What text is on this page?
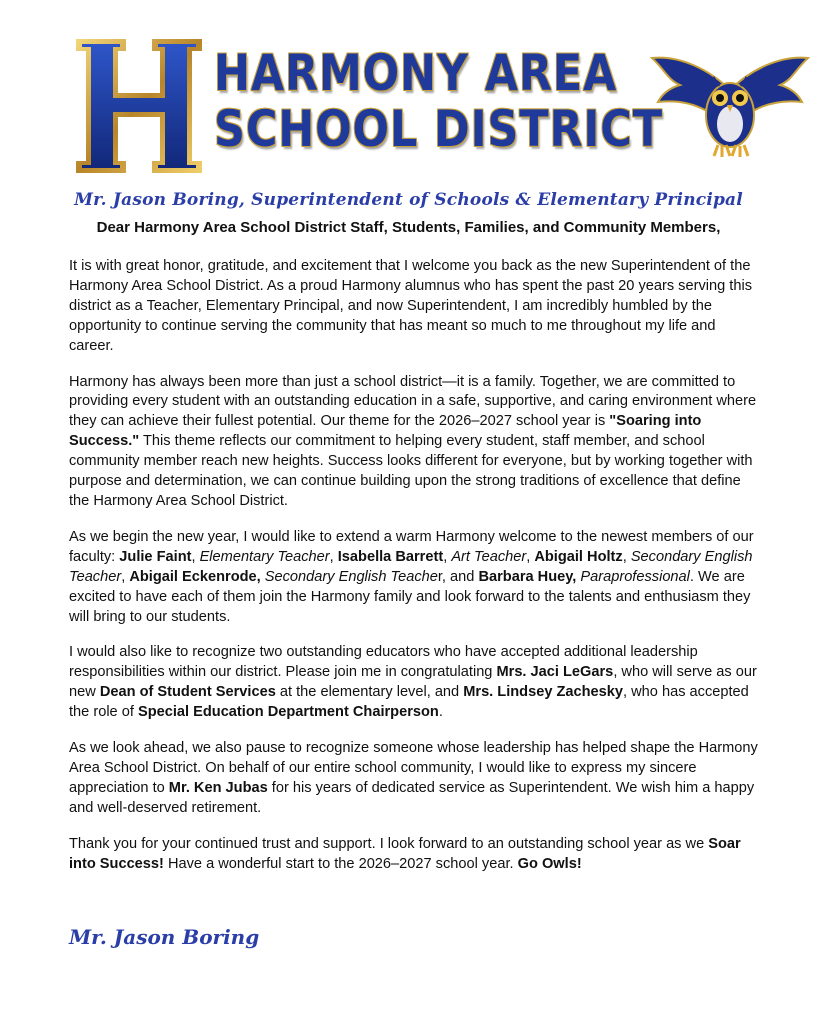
HARMONY AREA
SCHOOL DISTRICT
Mr. Jason Boring, Superintendent of Schools & Elementary Principal
Dear Harmony Area School District Staff, Students, Families, and Community Members,

It is with great honor, gratitude, and excitement that I welcome you back as the new Superintendent of the Harmony Area School District. As a proud Harmony alumnus who has spent the past 20 years serving this district as a Teacher, Elementary Principal, and now Superintendent, I am incredibly humbled by the opportunity to continue serving the community that has meant so much to me throughout my life and career.

Harmony has always been more than just a school district—it is a family. Together, we are committed to providing every student with an outstanding education in a safe, supportive, and caring environment where they can achieve their fullest potential. Our theme for the 2026–2027 school year is "Soaring into Success." This theme reflects our commitment to helping every student, staff member, and school community member reach new heights. Success looks different for everyone, but by working together with purpose and determination, we can continue building upon the strong traditions of excellence that define the Harmony Area School District.

As we begin the new year, I would like to extend a warm Harmony welcome to the newest members of our faculty: Julie Faint, Elementary Teacher, Isabella Barrett, Art Teacher, Abigail Holtz, Secondary English Teacher, Abigail Eckenrode, Secondary English Teacher, and Barbara Huey, Paraprofessional. We are excited to have each of them join the Harmony family and look forward to the talents and enthusiasm they will bring to our students.

I would also like to recognize two outstanding educators who have accepted additional leadership responsibilities within our district. Please join me in congratulating Mrs. Jaci LeGars, who will serve as our new Dean of Student Services at the elementary level, and Mrs. Lindsey Zachesky, who has accepted the role of Special Education Department Chairperson.

As we look ahead, we also pause to recognize someone whose leadership has helped shape the Harmony Area School District. On behalf of our entire school community, I would like to express my sincere appreciation to Mr. Ken Jubas for his years of dedicated service as Superintendent. We wish him a happy and well-deserved retirement.

Thank you for your continued trust and support. I look forward to an outstanding school year as we Soar into Success! Have a wonderful start to the 2026–2027 school year. Go Owls!

Mr. Jason Boring
